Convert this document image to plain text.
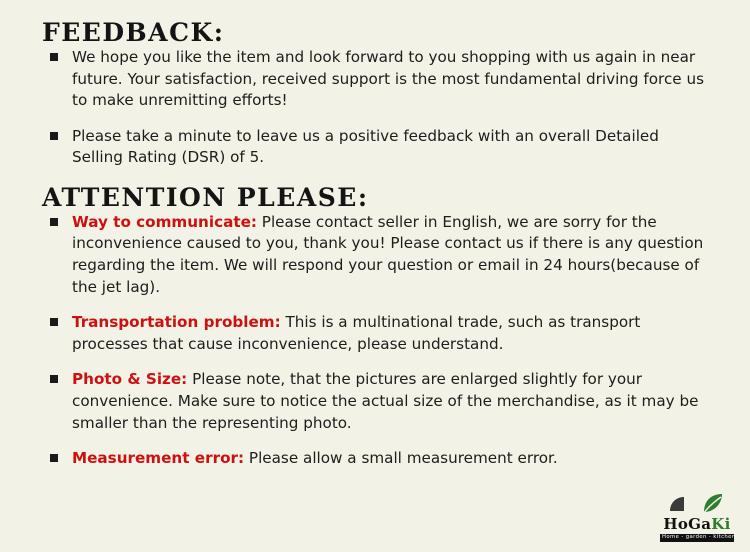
FEEDBACK:
We hope you like the item and look forward to you shopping with us again in near future. Your satisfaction, received support is the most fundamental driving force us to make unremitting efforts!
Please take a minute to leave us a positive feedback with an overall Detailed Selling Rating (DSR) of 5.
ATTENTION PLEASE:
Way to communicate: Please contact seller in English, we are sorry for the inconvenience caused to you, thank you! Please contact us if there is any question regarding the item. We will respond your question or email in 24 hours(because of the jet lag).
Transportation problem: This is a multinational trade, such as transport processes that cause inconvenience, please understand.
Photo & Size: Please note, that the pictures are enlarged slightly for your convenience. Make sure to notice the actual size of the merchandise, as it may be smaller than the representing photo.
Measurement error: Please allow a small measurement error.
HoGaKi
Home - garden - kitchen
